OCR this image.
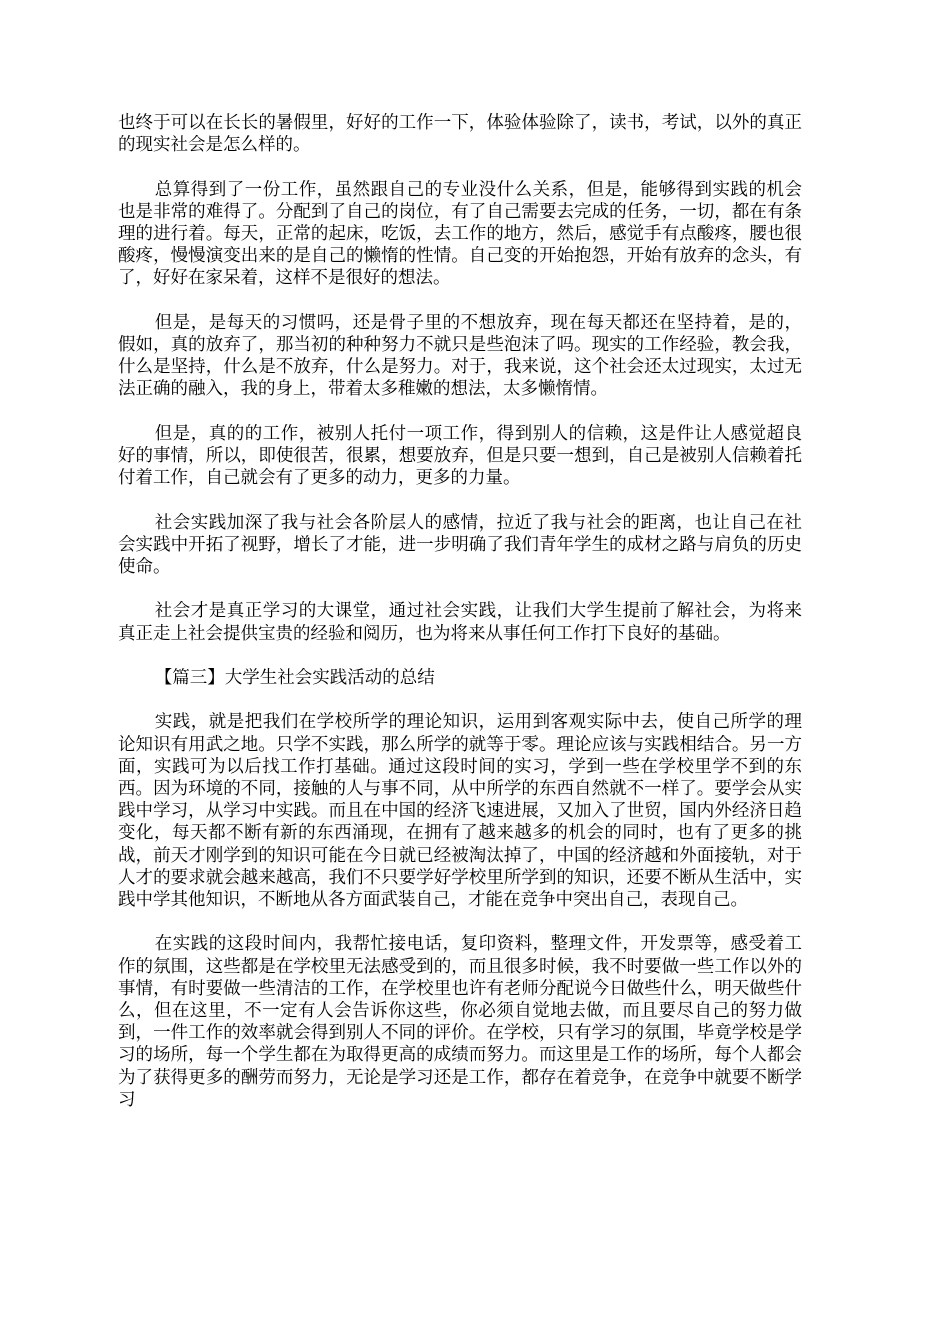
也终于可以在长长的暑假里，好好的工作一下，体验体验除了，读书，考试，以外的真正的现实社会是怎么样的。

总算得到了一份工作，虽然跟自己的专业没什么关系，但是，能够得到实践的机会也是非常的难得了。分配到了自己的岗位，有了自己需要去完成的任务，一切，都在有条理的进行着。每天，正常的起床，吃饭，去工作的地方，然后，感觉手有点酸疼，腰也很酸疼，慢慢演变出来的是自己的懒惰的性情。自己变的开始抱怨，开始有放弃的念头，有了，好好在家呆着，这样不是很好的想法。

但是，是每天的习惯吗，还是骨子里的不想放弃，现在每天都还在坚持着，是的，假如，真的放弃了，那当初的种种努力不就只是些泡沫了吗。现实的工作经验，教会我，什么是坚持，什么是不放弃，什么是努力。对于，我来说，这个社会还太过现实，太过无法正确的融入，我的身上，带着太多稚嫩的想法，太多懒惰情。

但是，真的的工作，被别人托付一项工作，得到别人的信赖，这是件让人感觉超良好的事情，所以，即使很苦，很累，想要放弃，但是只要一想到，自己是被别人信赖着托付着工作，自己就会有了更多的动力，更多的力量。

社会实践加深了我与社会各阶层人的感情，拉近了我与社会的距离，也让自己在社会实践中开拓了视野，增长了才能，进一步明确了我们青年学生的成材之路与肩负的历史使命。

社会才是真正学习的大课堂，通过社会实践，让我们大学生提前了解社会，为将来真正走上社会提供宝贵的经验和阅历，也为将来从事任何工作打下良好的基础。

【篇三】大学生社会实践活动的总结

实践，就是把我们在学校所学的理论知识，运用到客观实际中去，使自己所学的理论知识有用武之地。只学不实践，那么所学的就等于零。理论应该与实践相结合。另一方面，实践可为以后找工作打基础。通过这段时间的实习，学到一些在学校里学不到的东西。因为环境的不同，接触的人与事不同，从中所学的东西自然就不一样了。要学会从实践中学习，从学习中实践。而且在中国的经济飞速进展，又加入了世贸，国内外经济日趋变化，每天都不断有新的东西涌现，在拥有了越来越多的机会的同时，也有了更多的挑战，前天才刚学到的知识可能在今日就已经被淘汰掉了，中国的经济越和外面接轨，对于人才的要求就会越来越高，我们不只要学好学校里所学到的知识，还要不断从生活中，实践中学其他知识，不断地从各方面武装自己，才能在竞争中突出自己，表现自己。

在实践的这段时间内，我帮忙接电话，复印资料，整理文件，开发票等，感受着工作的氛围，这些都是在学校里无法感受到的，而且很多时候，我不时要做一些工作以外的事情，有时要做一些清洁的工作，在学校里也许有老师分配说今日做些什么，明天做些什么，但在这里，不一定有人会告诉你这些，你必须自觉地去做，而且要尽自己的努力做到，一件工作的效率就会得到别人不同的评价。在学校，只有学习的氛围，毕竟学校是学习的场所，每一个学生都在为取得更高的成绩而努力。而这里是工作的场所，每个人都会为了获得更多的酬劳而努力，无论是学习还是工作，都存在着竞争，在竞争中就要不断学习
